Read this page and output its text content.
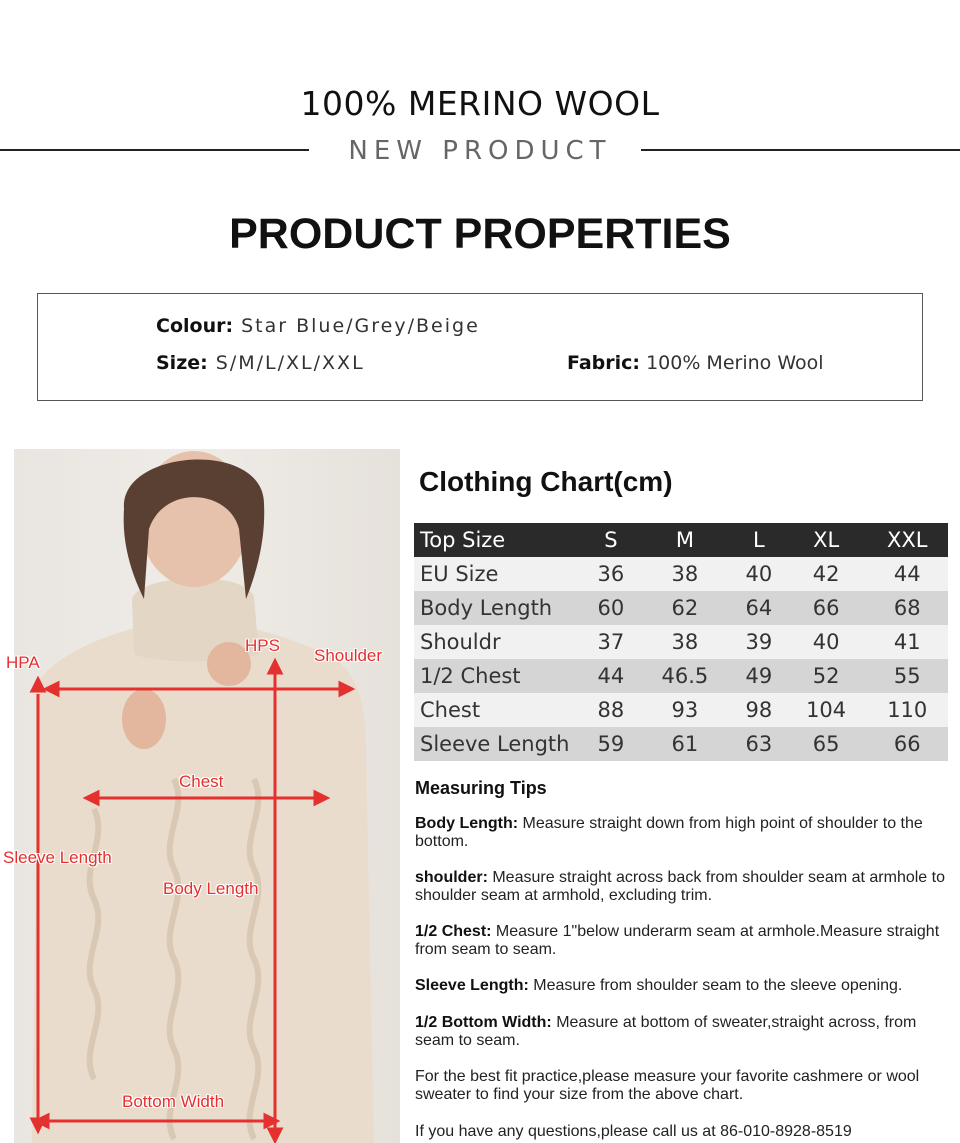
100% MERINO WOOL
NEW PRODUCT
PRODUCT PROPERTIES
Colour: Star Blue/Grey/Beige
Size: S/M/L/XL/XXL	Fabric: 100% Merino Wool
HPA
HPS
Shoulder
Chest
Sleeve Length
Body Length
Bottom Width
Clothing Chart(cm)
Top Size	S	M	L	XL	XXL
EU Size	36	38	40	42	44
Body Length	60	62	64	66	68
Shouldr	37	38	39	40	41
1/2 Chest	44	46.5	49	52	55
Chest	88	93	98	104	110
Sleeve Length	59	61	63	65	66
Measuring Tips
Body Length: Measure straight down from high point of shoulder to the bottom.
shoulder: Measure straight across back from shoulder seam at armhole to shoulder seam at armhold, excluding trim.
1/2 Chest: Measure 1"below underarm seam at armhole.Measure straight from seam to seam.
Sleeve Length: Measure from shoulder seam to the sleeve opening.
1/2 Bottom Width: Measure at bottom of sweater,straight across, from seam to seam.
For the best fit practice,please measure your favorite cashmere or wool sweater to find your size from the above chart.
If you have any questions,please call us at 86-010-8928-8519
